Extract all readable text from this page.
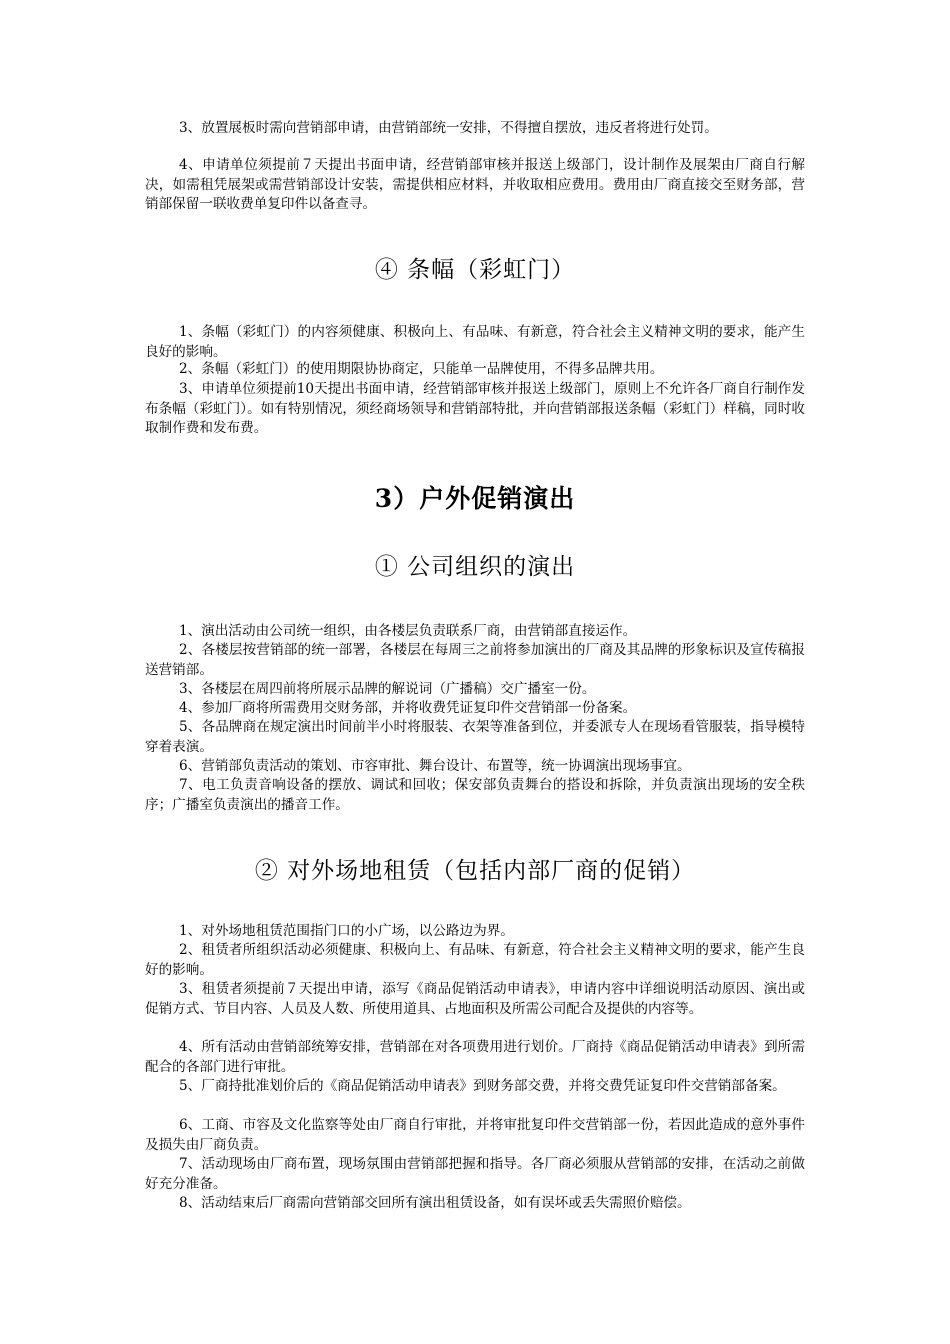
3、放置展板时需向营销部申请，由营销部统一安排，不得擅自摆放，违反者将进行处罚。

4、申请单位须提前７天提出书面申请，经营销部审核并报送上级部门，设计制作及展架由厂商自行解决，如需租凭展架或需营销部设计安装，需提供相应材料，并收取相应费用。费用由厂商直接交至财务部，营销部保留一联收费单复印件以备查寻。

④ 条幅（彩虹门）

1、条幅（彩虹门）的内容须健康、积极向上、有品味、有新意，符合社会主义精神文明的要求，能产生良好的影响。

2、条幅（彩虹门）的使用期限协协商定，只能单一品牌使用，不得多品牌共用。

3、申请单位须提前10天提出书面申请，经营销部审核并报送上级部门，原则上不允许各厂商自行制作发布条幅（彩虹门）。如有特别情况，须经商场领导和营销部特批，并向营销部报送条幅（彩虹门）样稿，同时收取制作费和发布费。

3）户外促销演出
① 公司组织的演出

1、演出活动由公司统一组织，由各楼层负责联系厂商，由营销部直接运作。

2、各楼层按营销部的统一部署，各楼层在每周三之前将参加演出的厂商及其品牌的形象标识及宣传稿报送营销部。

3、各楼层在周四前将所展示品牌的解说词（广播稿）交广播室一份。

4、参加厂商将所需费用交财务部，并将收费凭证复印件交营销部一份备案。

5、各品牌商在规定演出时间前半小时将服装、衣架等准备到位，并委派专人在现场看管服装，指导模特穿着表演。

6、营销部负责活动的策划、市容审批、舞台设计、布置等，统一协调演出现场事宜。

7、电工负责音响设备的摆放、调试和回收；保安部负责舞台的搭设和拆除，并负责演出现场的安全秩序；广播室负责演出的播音工作。

② 对外场地租赁（包括内部厂商的促销）

1、对外场地租赁范围指门口的小广场，以公路边为界。

2、租赁者所组织活动必须健康、积极向上、有品味、有新意，符合社会主义精神文明的要求，能产生良好的影响。

3、租赁者须提前７天提出申请，添写《商品促销活动申请表》，申请内容中详细说明活动原因、演出或促销方式、节目内容、人员及人数、所使用道具、占地面积及所需公司配合及提供的内容等。

4、所有活动由营销部统筹安排，营销部在对各项费用进行划价。厂商持《商品促销活动申请表》到所需配合的各部门进行审批。

5、厂商持批准划价后的《商品促销活动申请表》到财务部交费，并将交费凭证复印件交营销部备案。

6、工商、市容及文化监察等处由厂商自行审批，并将审批复印件交营销部一份，若因此造成的意外事件及损失由厂商负责。

7、活动现场由厂商布置，现场氛围由营销部把握和指导。各厂商必须服从营销部的安排，在活动之前做好充分准备。

8、活动结束后厂商需向营销部交回所有演出租赁设备，如有误坏或丢失需照价赔偿。
